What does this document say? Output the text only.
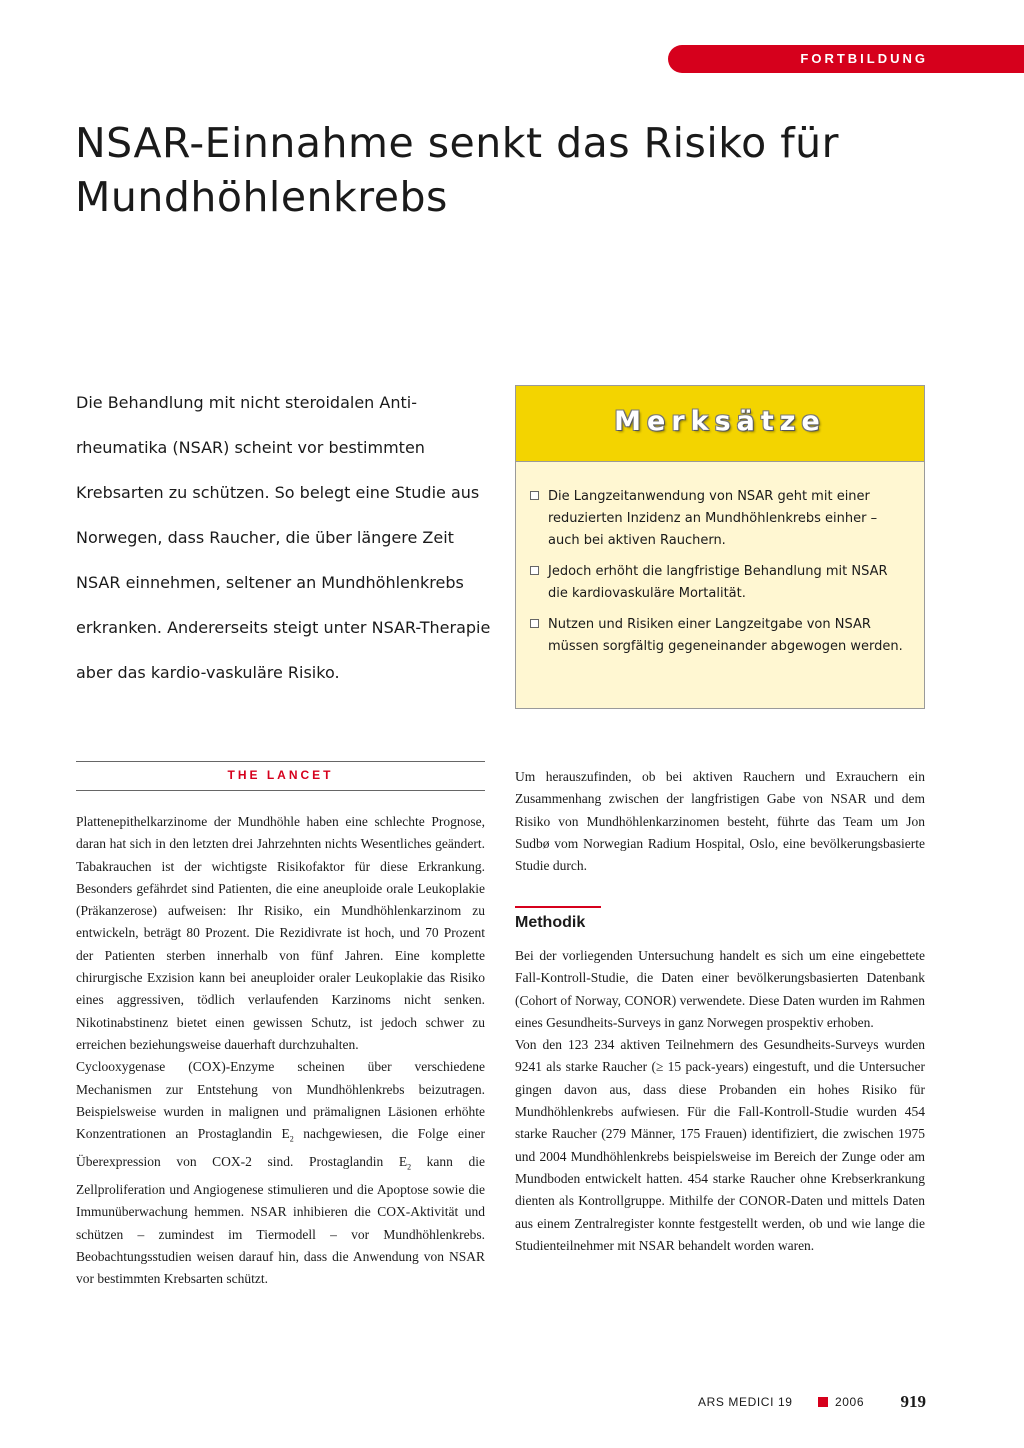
FORTBILDUNG
NSAR-Einnahme senkt das Risiko für Mundhöhlenkrebs

Die Behandlung mit nicht steroidalen Anti-rheumatika (NSAR) scheint vor bestimmten Krebsarten zu schützen. So belegt eine Studie aus Norwegen, dass Raucher, die über längere Zeit NSAR einnehmen, seltener an Mundhöhlenkrebs erkranken. Andererseits steigt unter NSAR-Therapie aber das kardio-vaskuläre Risiko.

Merksätze
Die Langzeitanwendung von NSAR geht mit einer reduzierten Inzidenz an Mundhöhlenkrebs einher – auch bei aktiven Rauchern.
Jedoch erhöht die langfristige Behandlung mit NSAR die kardiovaskuläre Mortalität.
Nutzen und Risiken einer Langzeitgabe von NSAR müssen sorgfältig gegeneinander abgewogen werden.
THE LANCET

Plattenepithelkarzinome der Mundhöhle haben eine schlechte Prognose, daran hat sich in den letzten drei Jahrzehnten nichts Wesentliches geändert. Tabakrauchen ist der wichtigste Risikofaktor für diese Erkrankung. Besonders gefährdet sind Patienten, die eine aneuploide orale Leukoplakie (Präkanzerose) aufweisen: Ihr Risiko, ein Mundhöhlenkarzinom zu entwickeln, beträgt 80 Prozent. Die Rezidivrate ist hoch, und 70 Prozent der Patienten sterben innerhalb von fünf Jahren. Eine komplette chirurgische Exzision kann bei aneuploider oraler Leukoplakie das Risiko eines aggressiven, tödlich verlaufenden Karzinoms nicht senken. Nikotinabstinenz bietet einen gewissen Schutz, ist jedoch schwer zu erreichen beziehungsweise dauerhaft durchzuhalten.

Cyclooxygenase (COX)-Enzyme scheinen über verschiedene Mechanismen zur Entstehung von Mundhöhlenkrebs beizutragen. Beispielsweise wurden in malignen und prämalignen Läsionen erhöhte Konzentrationen an Prostaglandin $E_2$ nachgewiesen, die Folge einer Überexpression von COX-2 sind. Prostaglandin $E_2$ kann die Zellproliferation und Angiogenese stimulieren und die Apoptose sowie die Immunüberwachung hemmen. NSAR inhibieren die COX-Aktivität und schützen – zumindest im Tiermodell – vor Mundhöhlenkrebs. Beobachtungsstudien weisen darauf hin, dass die Anwendung von NSAR vor bestimmten Krebsarten schützt.

Um herauszufinden, ob bei aktiven Rauchern und Exrauchern ein Zusammenhang zwischen der langfristigen Gabe von NSAR und dem Risiko von Mundhöhlenkarzinomen besteht, führte das Team um Jon Sudbø vom Norwegian Radium Hospital, Oslo, eine bevölkerungsbasierte Studie durch.

Methodik

Bei der vorliegenden Untersuchung handelt es sich um eine eingebettete Fall-Kontroll-Studie, die Daten einer bevölkerungsbasierten Datenbank (Cohort of Norway, CONOR) verwendete. Diese Daten wurden im Rahmen eines Gesundheits-Surveys in ganz Norwegen prospektiv erhoben.

Von den 123 234 aktiven Teilnehmern des Gesundheits-Surveys wurden 9241 als starke Raucher (≥ 15 pack-years) eingestuft, und die Untersucher gingen davon aus, dass diese Probanden ein hohes Risiko für Mundhöhlenkrebs aufwiesen. Für die Fall-Kontroll-Studie wurden 454 starke Raucher (279 Männer, 175 Frauen) identifiziert, die zwischen 1975 und 2004 Mundhöhlenkrebs beispielsweise im Bereich der Zunge oder am Mundboden entwickelt hatten. 454 starke Raucher ohne Krebserkrankung dienten als Kontrollgruppe. Mithilfe der CONOR-Daten und mittels Daten aus einem Zentralregister konnte festgestellt werden, ob und wie lange die Studienteilnehmer mit NSAR behandelt worden waren.

ARS MEDICI 19	2006 919
